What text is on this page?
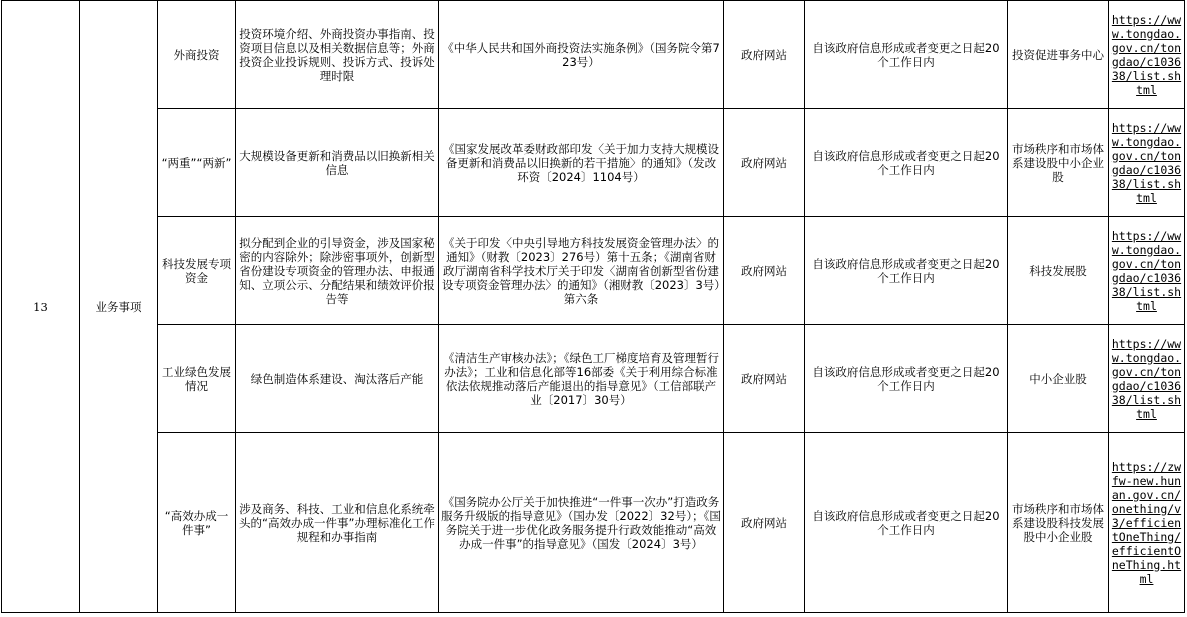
13	业务事项	外商投资	投资环境介绍、外商投资办事指南、投资项目信息以及相关数据信息等；外商投资企业投诉规则、投诉方式、投诉处理时限	《中华人民共和国外商投资法实施条例》（国务院令第723号）	政府网站	自该政府信息形成或者变更之日起20个工作日内	投资促进事务中心	https://www.tongdao.gov.cn/tongdao/c103638/list.shtml
		“两重”“两新”	大规模设备更新和消费品以旧换新相关信息	《国家发展改革委财政部印发〈关于加力支持大规模设备更新和消费品以旧换新的若干措施〉的通知》（发改环资〔2024〕1104号）	政府网站	自该政府信息形成或者变更之日起20个工作日内	市场秩序和市场体系建设股中小企业股	https://www.tongdao.gov.cn/tongdao/c103638/list.shtml
		科技发展专项资金	拟分配到企业的引导资金，涉及国家秘密的内容除外；除涉密事项外，创新型省份建设专项资金的管理办法、申报通知、立项公示、分配结果和绩效评价报告等	《关于印发〈中央引导地方科技发展资金管理办法〉的通知》（财教〔2023〕276号）第十五条；《湖南省财政厅湖南省科学技术厅关于印发〈湖南省创新型省份建设专项资金管理办法〉的通知》（湘财教〔2023〕3号）第六条	政府网站	自该政府信息形成或者变更之日起20个工作日内	科技发展股	https://www.tongdao.gov.cn/tongdao/c103638/list.shtml
		工业绿色发展情况	绿色制造体系建设、淘汰落后产能	《清洁生产审核办法》；《绿色工厂梯度培育及管理暂行办法》；工业和信息化部等16部委《关于利用综合标准依法依规推动落后产能退出的指导意见》（工信部联产业〔2017〕30号）	政府网站	自该政府信息形成或者变更之日起20个工作日内	中小企业股	https://www.tongdao.gov.cn/tongdao/c103638/list.shtml
		“高效办成一件事”	涉及商务、科技、工业和信息化系统牵头的“高效办成一件事”办理标准化工作规程和办事指南	《国务院办公厅关于加快推进“一件事一次办”打造政务服务升级版的指导意见》（国办发〔2022〕32号）；《国务院关于进一步优化政务服务提升行政效能推动“高效办成一件事”的指导意见》（国发〔2024〕3号）	政府网站	自该政府信息形成或者变更之日起20个工作日内	市场秩序和市场体系建设股科技发展股中小企业股	https://zwfw-new.hunan.gov.cn/onething/v3/efficientOneThing/efficientOneThing.html
